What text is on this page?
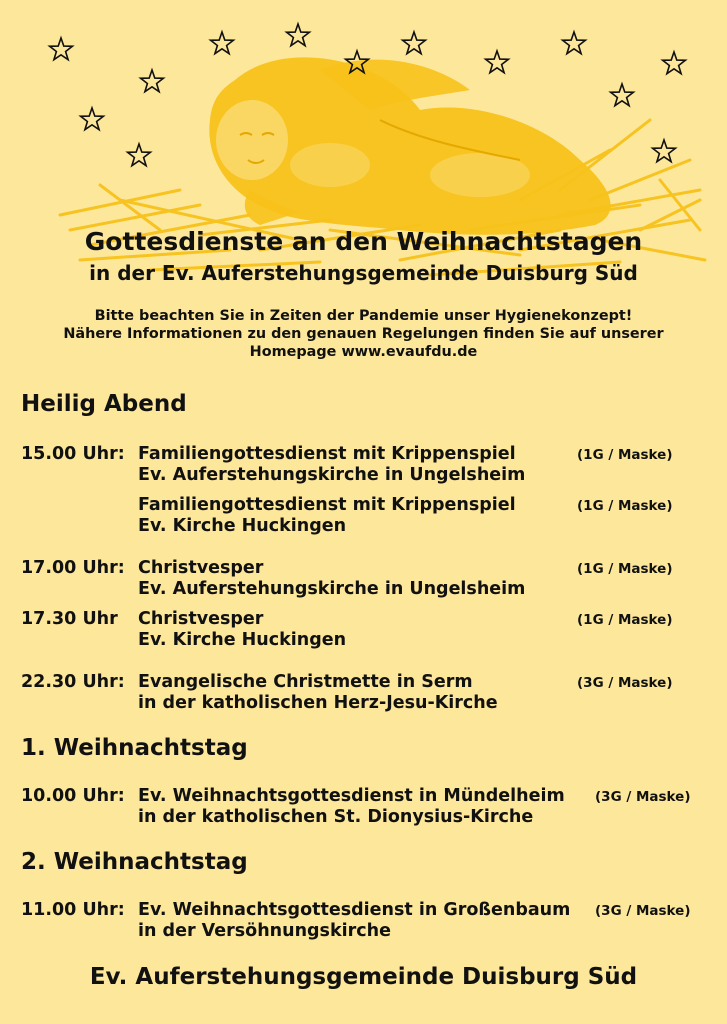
Gottesdienste an den Weihnachtstagen
in der Ev. Auferstehungsgemeinde Duisburg Süd
Bitte beachten Sie in Zeiten der Pandemie unser Hygienekonzept!
Nähere Informationen zu den genauen Regelungen finden Sie auf unserer
Homepage www.evaufdu.de
Heilig Abend
15.00 Uhr: Familiengottesdienst mit Krippenspiel
Ev. Auferstehungskirche in Ungelsheim
(1G / Maske)
Familiengottesdienst mit Krippenspiel
Ev. Kirche Huckingen
(1G / Maske)
17.00 Uhr: Christvesper
Ev. Auferstehungskirche in Ungelsheim
(1G / Maske)
17.30 Uhr Christvesper
Ev. Kirche Huckingen
(1G / Maske)
22.30 Uhr: Evangelische Christmette in Serm
in der katholischen Herz-Jesu-Kirche
(3G / Maske)
1. Weihnachtstag
10.00 Uhr: Ev. Weihnachtsgottesdienst in Mündelheim
in der katholischen St. Dionysius-Kirche
(3G / Maske)
2. Weihnachtstag
11.00 Uhr: Ev. Weihnachtsgottesdienst in Großenbaum
in der Versöhnungskirche
(3G / Maske)
Ev. Auferstehungsgemeinde Duisburg Süd
